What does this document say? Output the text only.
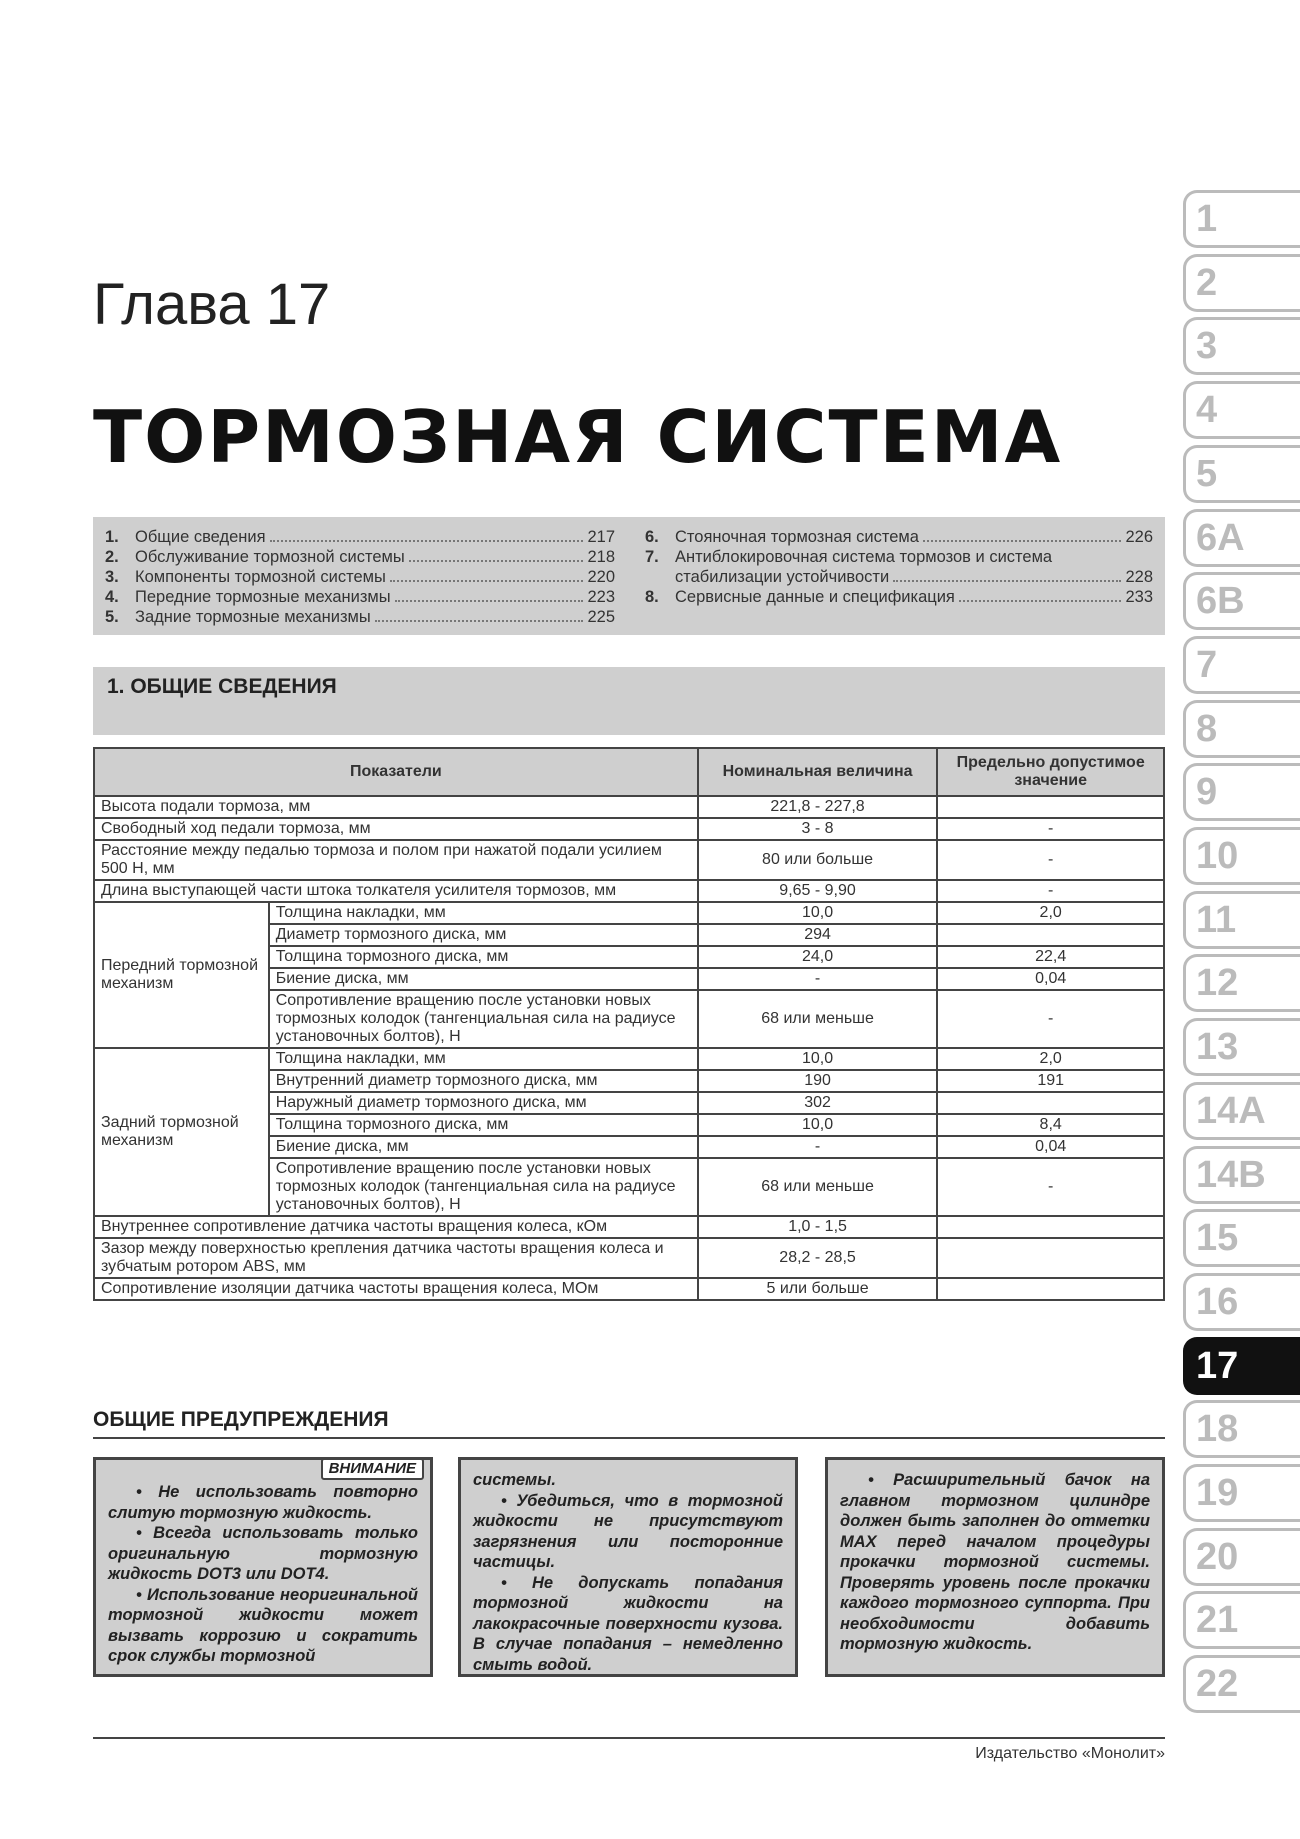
Глава 17
ТОРМОЗНАЯ СИСТЕМА
1. Общие сведения	217
2. Обслуживание тормозной системы	218
3. Компоненты тормозной системы	220
4. Передние тормозные механизмы	223
5. Задние тормозные механизмы	225
6. Стояночная тормозная система	226
7. Антиблокировочная система тормозов и система
стабилизации устойчивости	228
8. Сервисные данные и спецификация	233
1. ОБЩИЕ СВЕДЕНИЯ
Показатели		Номинальная величина	Предельно допустимое значение
Высота подали тормоза, мм		221,8 - 227,8	
Свободный ход педали тормоза, мм		3 - 8	-
Расстояние между педалью тормоза и полом при нажатой подали усилием 500 Н, мм		80 или больше	-
Длина выступающей части штока толкателя усилителя тормозов, мм		9,65 - 9,90	-
Передний тормозной механизм	Толщина накладки, мм	10,0	2,0
	Диаметр тормозного диска, мм	294	
	Толщина тормозного диска, мм	24,0	22,4
	Биение диска, мм	-	0,04
	Сопротивление вращению после установки новых тормозных колодок (тангенциальная сила на радиусе установочных болтов), Н	68 или меньше	-
Задний тормозной механизм	Толщина накладки, мм	10,0	2,0
	Внутренний диаметр тормозного диска, мм	190	191
	Наружный диаметр тормозного диска, мм	302	
	Толщина тормозного диска, мм	10,0	8,4
	Биение диска, мм	-	0,04
	Сопротивление вращению после установки новых тормозных колодок (тангенциальная сила на радиусе установочных болтов), Н	68 или меньше	-
Внутреннее сопротивление датчика частоты вращения колеса, кОм		1,0 - 1,5	
Зазор между поверхностью крепления датчика частоты вращения колеса и зубчатым ротором ABS, мм		28,2 - 28,5	
Сопротивление изоляции датчика частоты вращения колеса, МОм		5 или больше	
ОБЩИЕ ПРЕДУПРЕЖДЕНИЯ
ВНИМАНИЕ

• Не использовать повторно слитую тормозную жидкость.

• Всегда использовать только оригинальную тормозную жидкость DOT3 или DOT4.

• Использование неоригинальной тормозной жидкости может вызвать коррозию и сократить срок службы тормозной

системы.

• Убедиться, что в тормозной жидкости не присутствуют загрязнения или посторонние частицы.

• Не допускать попадания тормозной жидкости на лакокрасочные поверхности кузова. В случае попадания – немедленно смыть водой.

• Расширительный бачок на главном тормозном цилиндре должен быть заполнен до отметки MAX перед началом процедуры прокачки тормозной системы. Проверять уровень после прокачки каждого тормозного суппорта. При необходимости добавить тормозную жидкость.

Издательство «Монолит»
1
2
3
4
5
6A
6B
7
8
9
10
11
12
13
14A
14B
15
16
17
18
19
20
21
22
